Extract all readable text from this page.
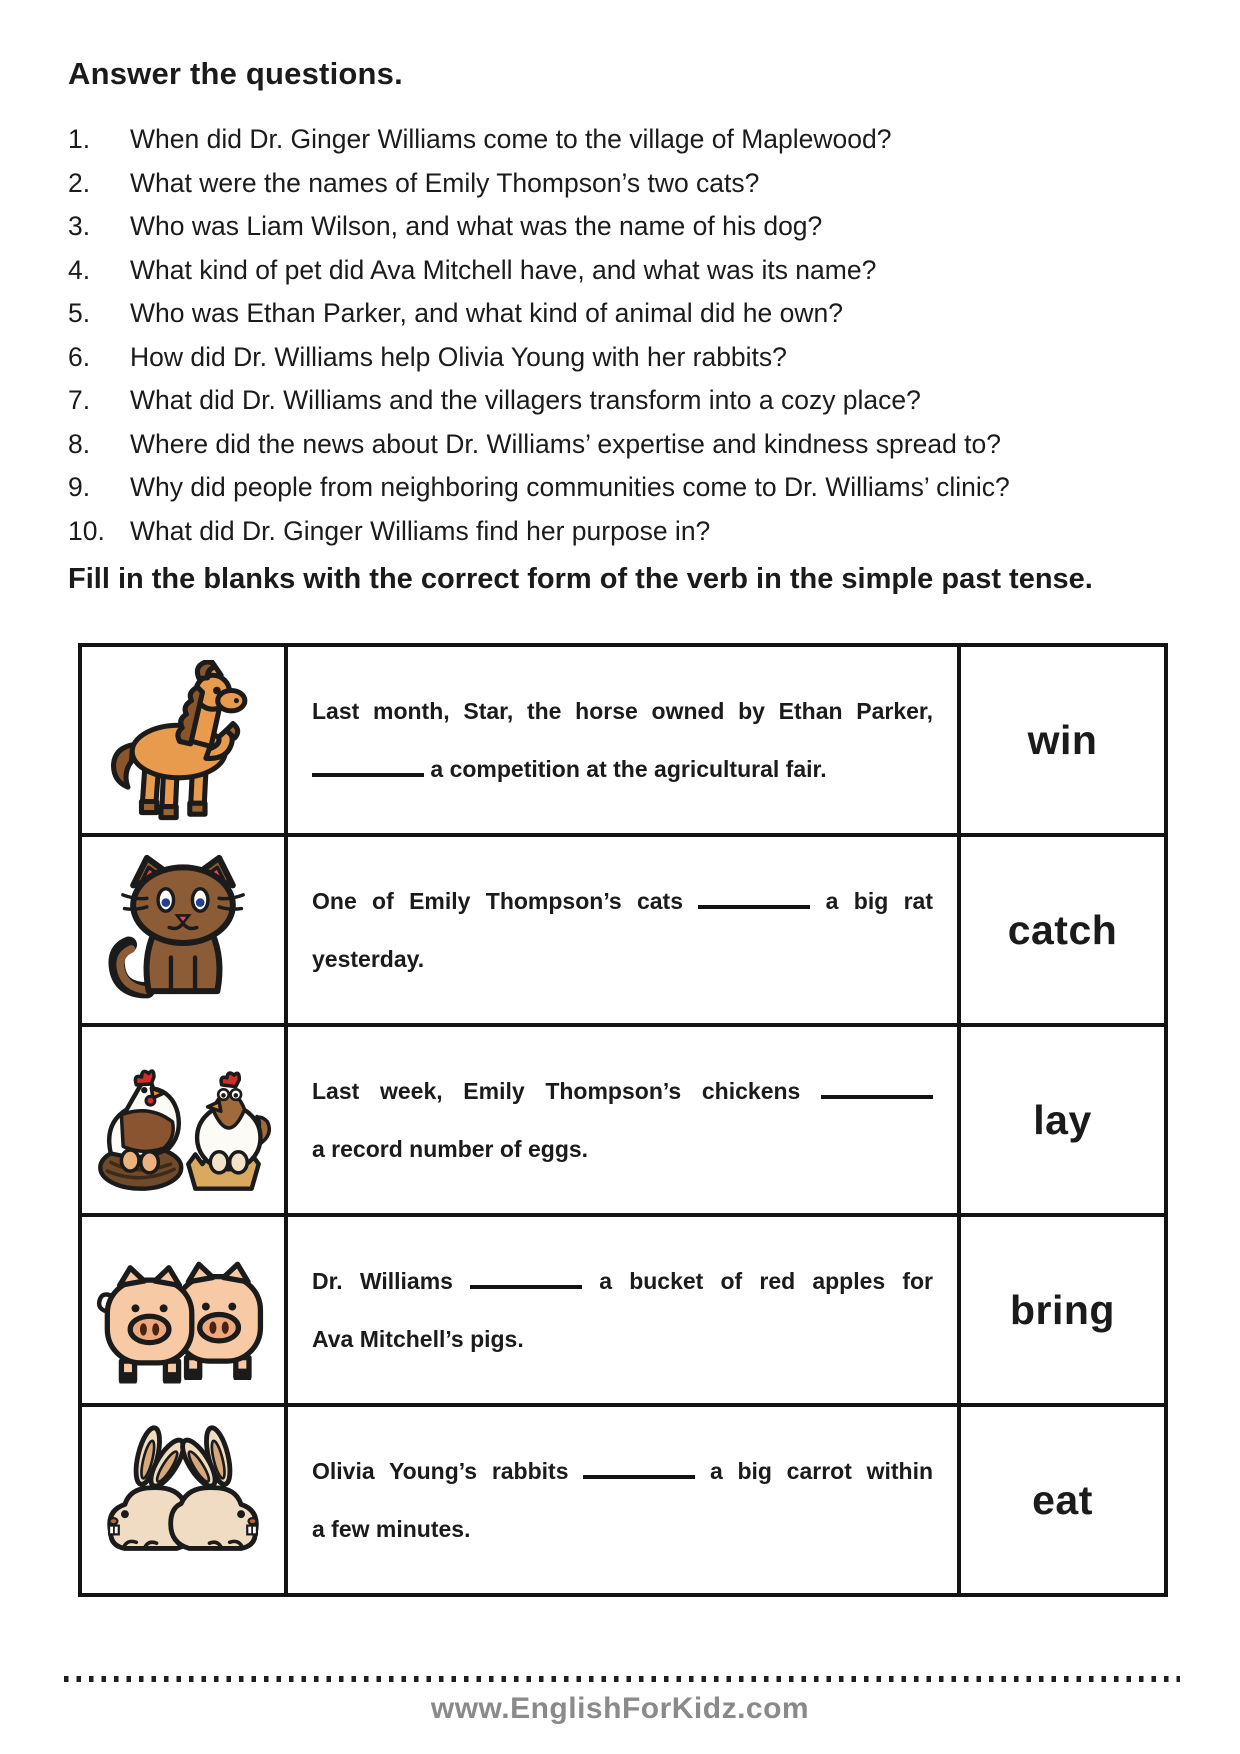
Answer the questions.
1.	When did Dr. Ginger Williams come to the village of Maplewood?
2.	What were the names of Emily Thompson’s two cats?
3.	Who was Liam Wilson, and what was the name of his dog?
4.	What kind of pet did Ava Mitchell have, and what was its name?
5.	Who was Ethan Parker, and what kind of animal did he own?
6.	How did Dr. Williams help Olivia Young with her rabbits?
7.	What did Dr. Williams and the villagers transform into a cozy place?
8.	Where did the news about Dr. Williams’ expertise and kindness spread to?
9.	Why did people from neighboring communities come to Dr. Williams’ clinic?
10. What did Dr. Ginger Williams find her purpose in?
Fill in the blanks with the correct form of the verb in the simple past tense.

Last month, Star, the horse owned by Ethan Parker,
a competition at the agricultural fair.	win

One of Emily Thompson’s cats a big rat
yesterday.	catch

Last week, Emily Thompson’s chickens
a record number of eggs.	lay

Dr. Williams a bucket of red apples for
Ava Mitchell’s pigs.	bring

Olivia Young’s rabbits a big carrot within
a few minutes.	eat
www.EnglishForKidz.com
